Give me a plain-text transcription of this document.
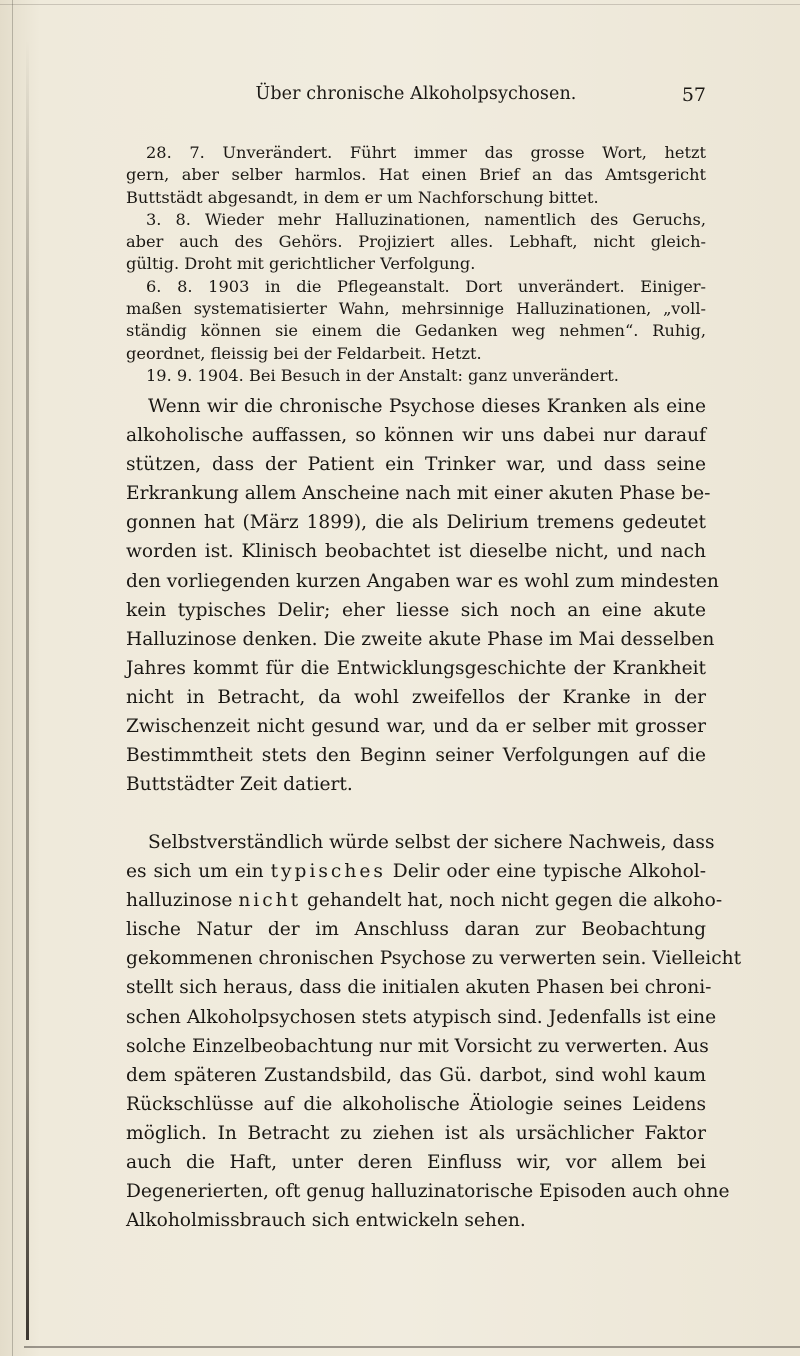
Über chronische Alkoholpsychosen.	57
28. 7. Unverändert. Führt immer das grosse Wort, hetzt
gern, aber selber harmlos. Hat einen Brief an das Amtsgericht
Buttstädt abgesandt, in dem er um Nachforschung bittet.
3. 8. Wieder mehr Halluzinationen, namentlich des Geruchs,
aber auch des Gehörs. Projiziert alles. Lebhaft, nicht gleich-
gültig. Droht mit gerichtlicher Verfolgung.
6. 8. 1903 in die Pflegeanstalt. Dort unverändert. Einiger-
maßen systematisierter Wahn, mehrsinnige Halluzinationen, „voll-
ständig können sie einem die Gedanken weg nehmen“. Ruhig,
geordnet, fleissig bei der Feldarbeit. Hetzt.
19. 9. 1904. Bei Besuch in der Anstalt: ganz unverändert.
Wenn wir die chronische Psychose dieses Kranken als eine
alkoholische auffassen, so können wir uns dabei nur darauf
stützen, dass der Patient ein Trinker war, und dass seine
Erkrankung allem Anscheine nach mit einer akuten Phase be-
gonnen hat (März 1899), die als Delirium tremens gedeutet
worden ist. Klinisch beobachtet ist dieselbe nicht, und nach
den vorliegenden kurzen Angaben war es wohl zum mindesten
kein typisches Delir; eher liesse sich noch an eine akute
Halluzinose denken. Die zweite akute Phase im Mai desselben
Jahres kommt für die Entwicklungsgeschichte der Krankheit
nicht in Betracht, da wohl zweifellos der Kranke in der
Zwischenzeit nicht gesund war, und da er selber mit grosser
Bestimmtheit stets den Beginn seiner Verfolgungen auf die
Buttstädter Zeit datiert.
Selbstverständlich würde selbst der sichere Nachweis, dass
es sich um ein typisches Delir oder eine typische Alkohol-
halluzinose nicht gehandelt hat, noch nicht gegen die alkoho-
lische Natur der im Anschluss daran zur Beobachtung
gekommenen chronischen Psychose zu verwerten sein. Vielleicht
stellt sich heraus, dass die initialen akuten Phasen bei chroni-
schen Alkoholpsychosen stets atypisch sind. Jedenfalls ist eine
solche Einzelbeobachtung nur mit Vorsicht zu verwerten. Aus
dem späteren Zustandsbild, das Gü. darbot, sind wohl kaum
Rückschlüsse auf die alkoholische Ätiologie seines Leidens
möglich. In Betracht zu ziehen ist als ursächlicher Faktor
auch die Haft, unter deren Einfluss wir, vor allem bei
Degenerierten, oft genug halluzinatorische Episoden auch ohne
Alkoholmissbrauch sich entwickeln sehen.
